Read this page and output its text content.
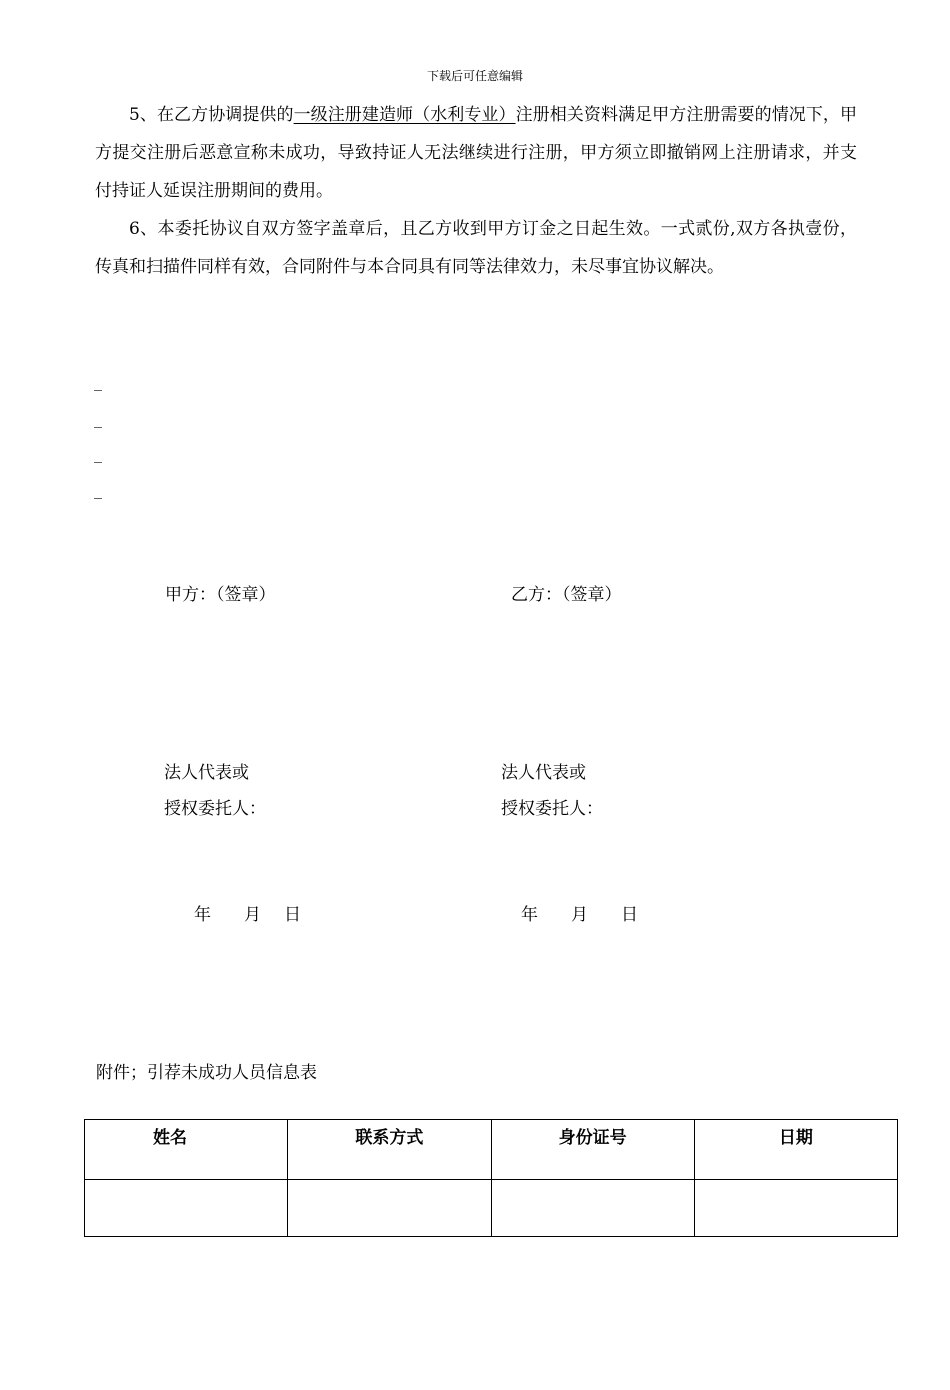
下载后可任意编辑
5、在乙方协调提供的一级注册建造师（水利专业）注册相关资料满足甲方注册需要的情况下，甲方提交注册后恶意宣称未成功，导致持证人无法继续进行注册，甲方须立即撤销网上注册请求，并支付持证人延误注册期间的费用。
6、本委托协议自双方签字盖章后，且乙方收到甲方订金之日起生效。一式贰份,双方各执壹份，传真和扫描件同样有效，合同附件与本合同具有同等法律效力，未尽事宜协议解决。
_
_
_
_
甲方：（签章）	乙方：（签章）
法人代表或
授权委托人：
法人代表或
授权委托人：
年 月 日	年 月 日
附件；引荐未成功人员信息表
姓名	联系方式	身份证号	日期
